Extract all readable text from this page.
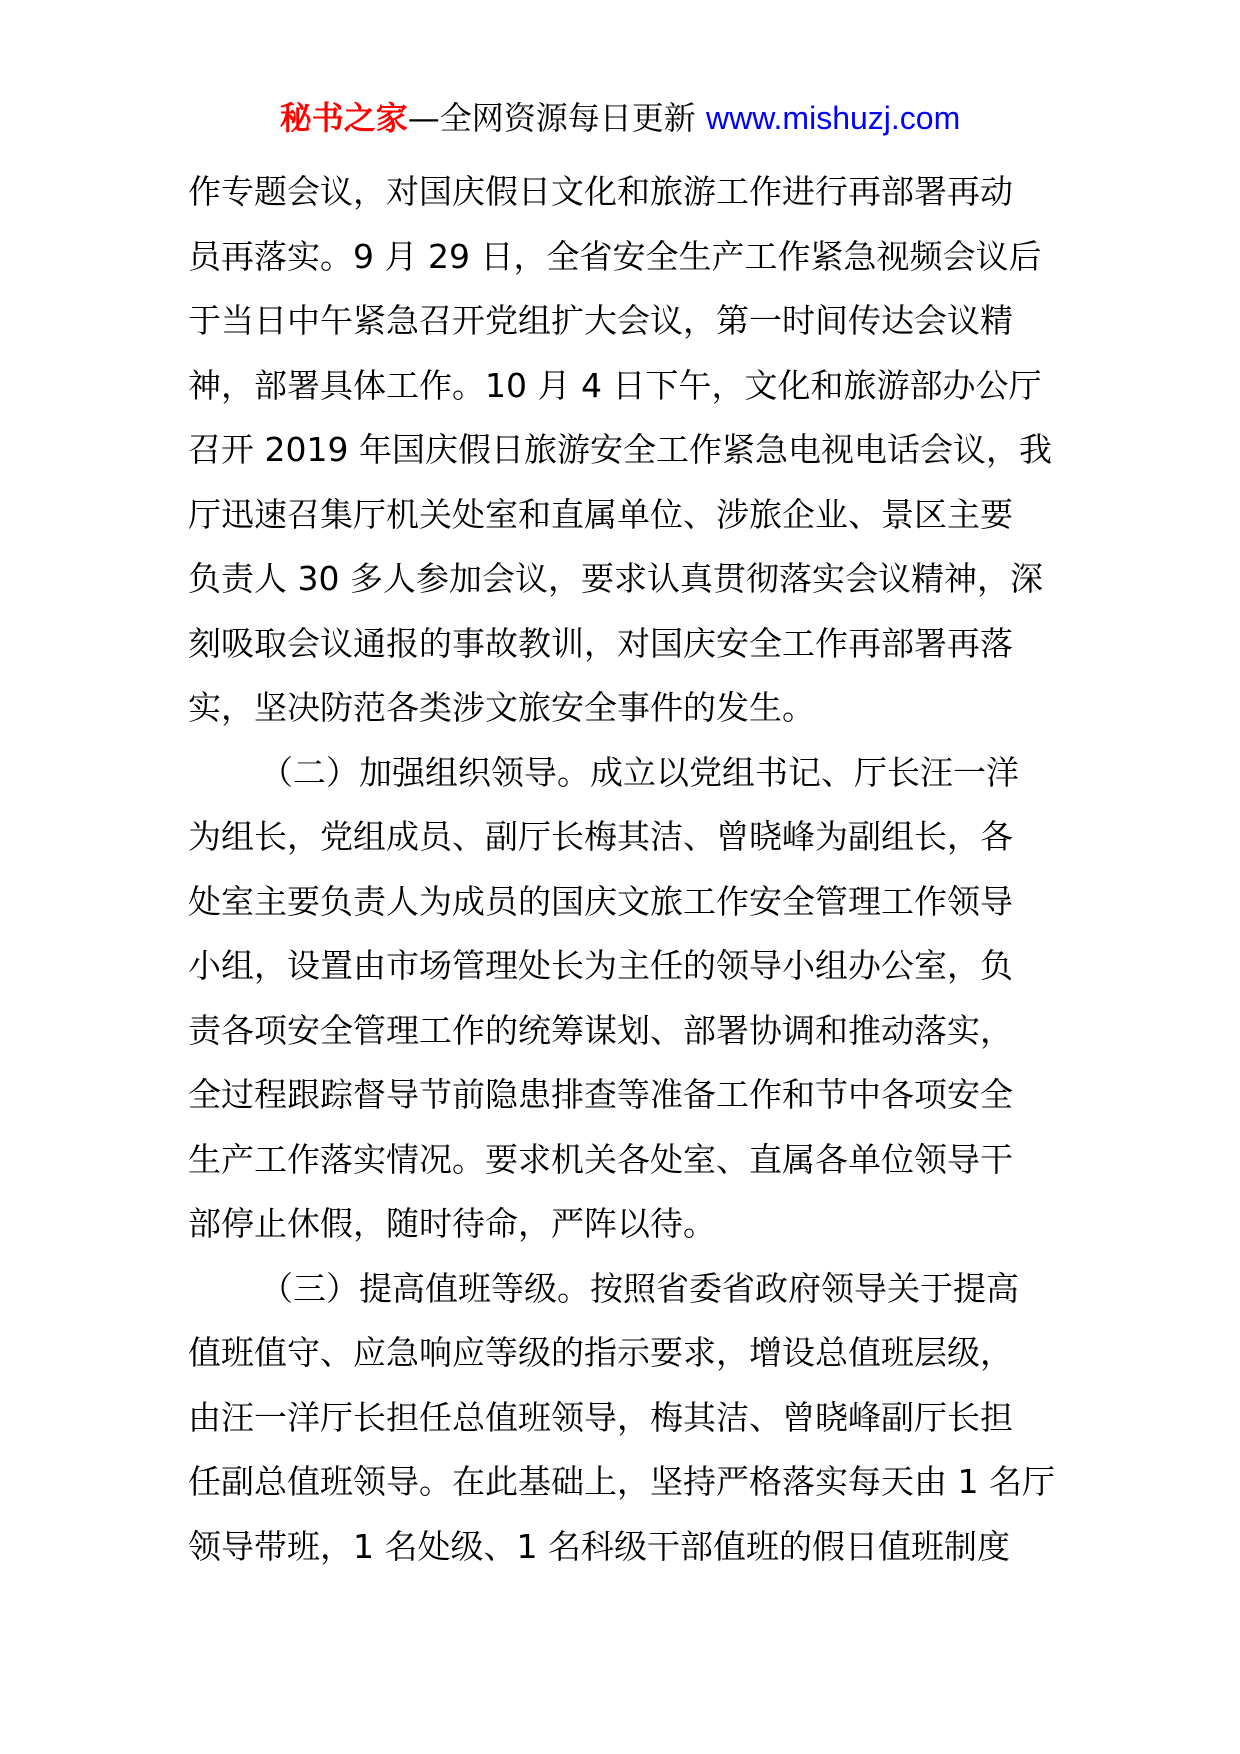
秘书之家—全网资源每日更新 www.mishuzj.com
作专题会议，对国庆假日文化和旅游工作进行再部署再动
员再落实。9 月 29 日，全省安全生产工作紧急视频会议后
于当日中午紧急召开党组扩大会议，第一时间传达会议精
神，部署具体工作。10 月 4 日下午，文化和旅游部办公厅
召开 2019 年国庆假日旅游安全工作紧急电视电话会议，我
厅迅速召集厅机关处室和直属单位、涉旅企业、景区主要
负责人 30 多人参加会议，要求认真贯彻落实会议精神，深
刻吸取会议通报的事故教训，对国庆安全工作再部署再落
实，坚决防范各类涉文旅安全事件的发生。
（二）加强组织领导。成立以党组书记、厅长汪一洋
为组长，党组成员、副厅长梅其洁、曾晓峰为副组长，各
处室主要负责人为成员的国庆文旅工作安全管理工作领导
小组，设置由市场管理处长为主任的领导小组办公室，负
责各项安全管理工作的统筹谋划、部署协调和推动落实，
全过程跟踪督导节前隐患排查等准备工作和节中各项安全
生产工作落实情况。要求机关各处室、直属各单位领导干
部停止休假，随时待命，严阵以待。
（三）提高值班等级。按照省委省政府领导关于提高
值班值守、应急响应等级的指示要求，增设总值班层级，
由汪一洋厅长担任总值班领导，梅其洁、曾晓峰副厅长担
任副总值班领导。在此基础上，坚持严格落实每天由 1 名厅
领导带班，1 名处级、1 名科级干部值班的假日值班制度
